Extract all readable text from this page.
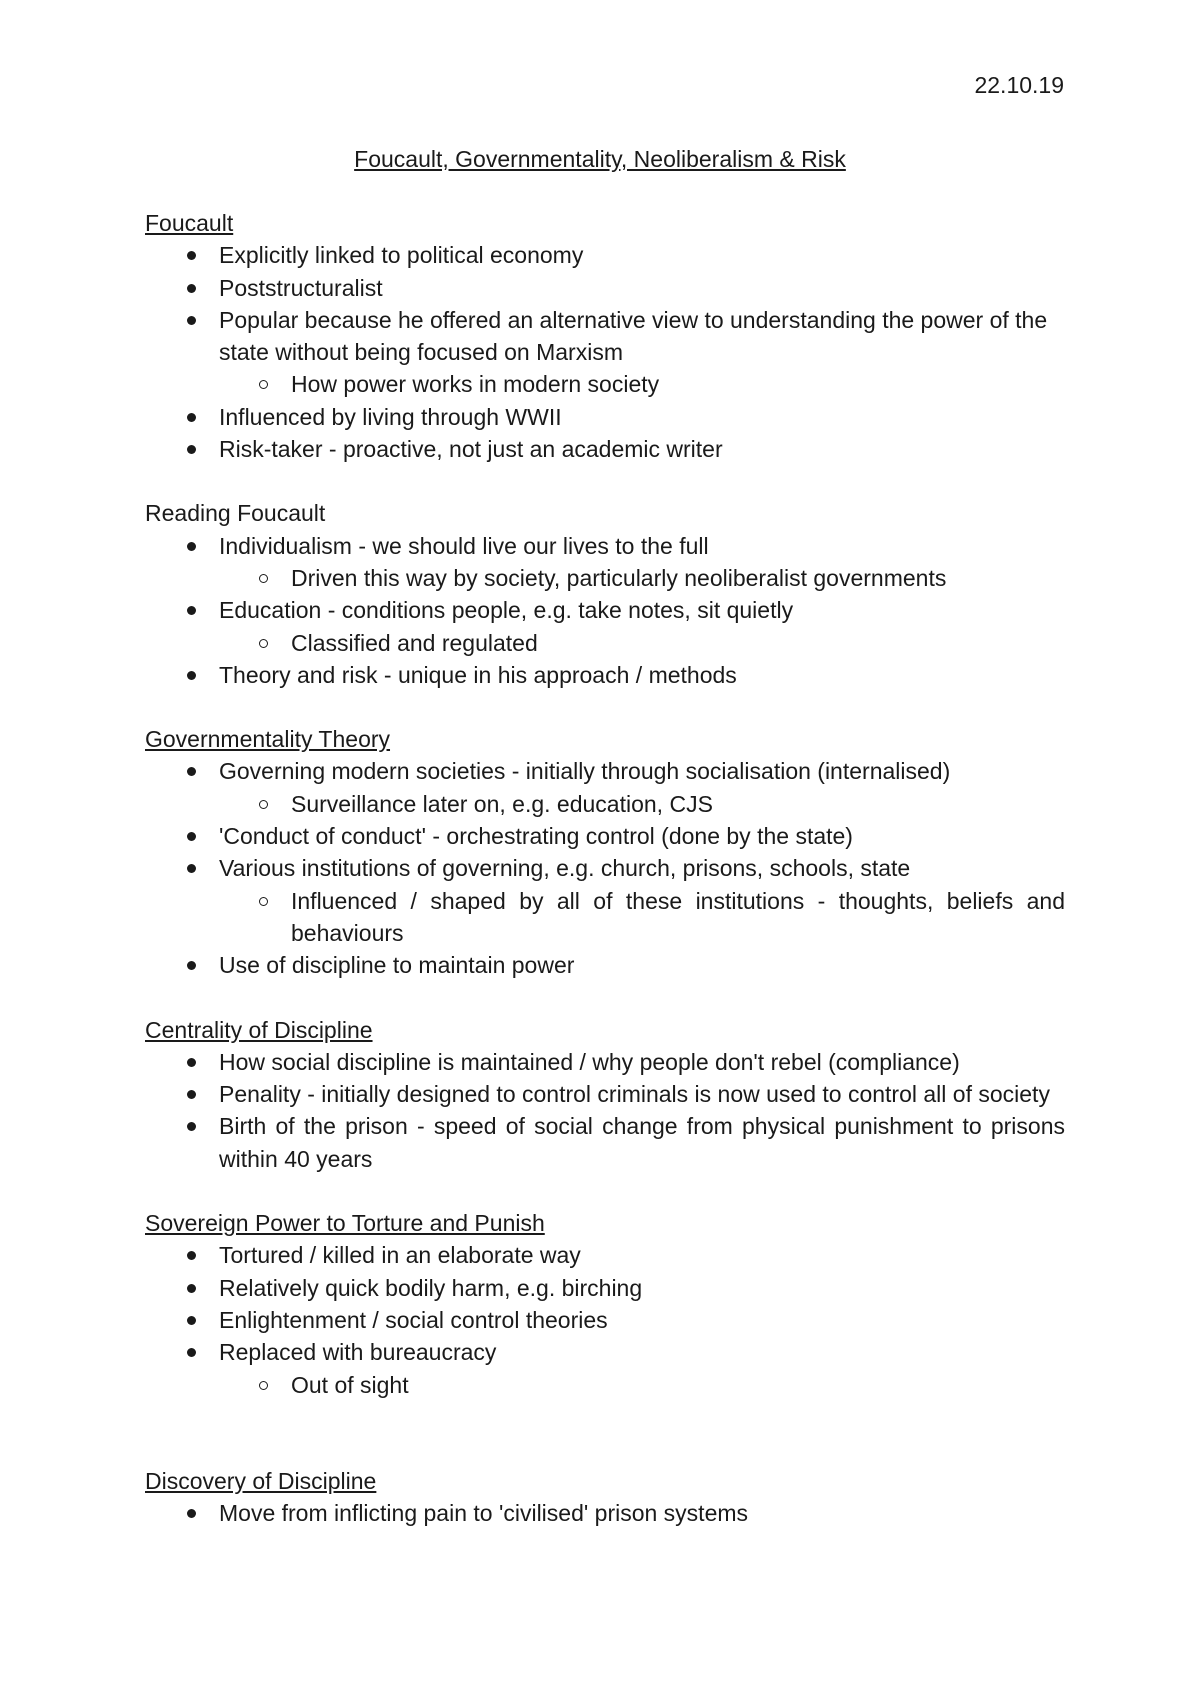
22.10.19

Foucault, Governmentality, Neoliberalism & Risk
Foucault
Explicitly linked to political economy
Poststructuralist
Popular because he offered an alternative view to understanding the power of the state without being focused on Marxism
How power works in modern society
Influenced by living through WWII
Risk-taker - proactive, not just an academic writer
Reading Foucault
Individualism - we should live our lives to the full
Driven this way by society, particularly neoliberalist governments
Education - conditions people, e.g. take notes, sit quietly
Classified and regulated
Theory and risk - unique in his approach / methods
Governmentality Theory
Governing modern societies - initially through socialisation (internalised)
Surveillance later on, e.g. education, CJS
'Conduct of conduct' - orchestrating control (done by the state)
Various institutions of governing, e.g. church, prisons, schools, state
Influenced / shaped by all of these institutions - thoughts, beliefs and behaviours
Use of discipline to maintain power
Centrality of Discipline
How social discipline is maintained / why people don't rebel (compliance)
Penality - initially designed to control criminals is now used to control all of society
Birth of the prison - speed of social change from physical punishment to prisons within 40 years
Sovereign Power to Torture and Punish
Tortured / killed in an elaborate way
Relatively quick bodily harm, e.g. birching
Enlightenment / social control theories
Replaced with bureaucracy
Out of sight
Discovery of Discipline
Move from inflicting pain to 'civilised' prison systems
